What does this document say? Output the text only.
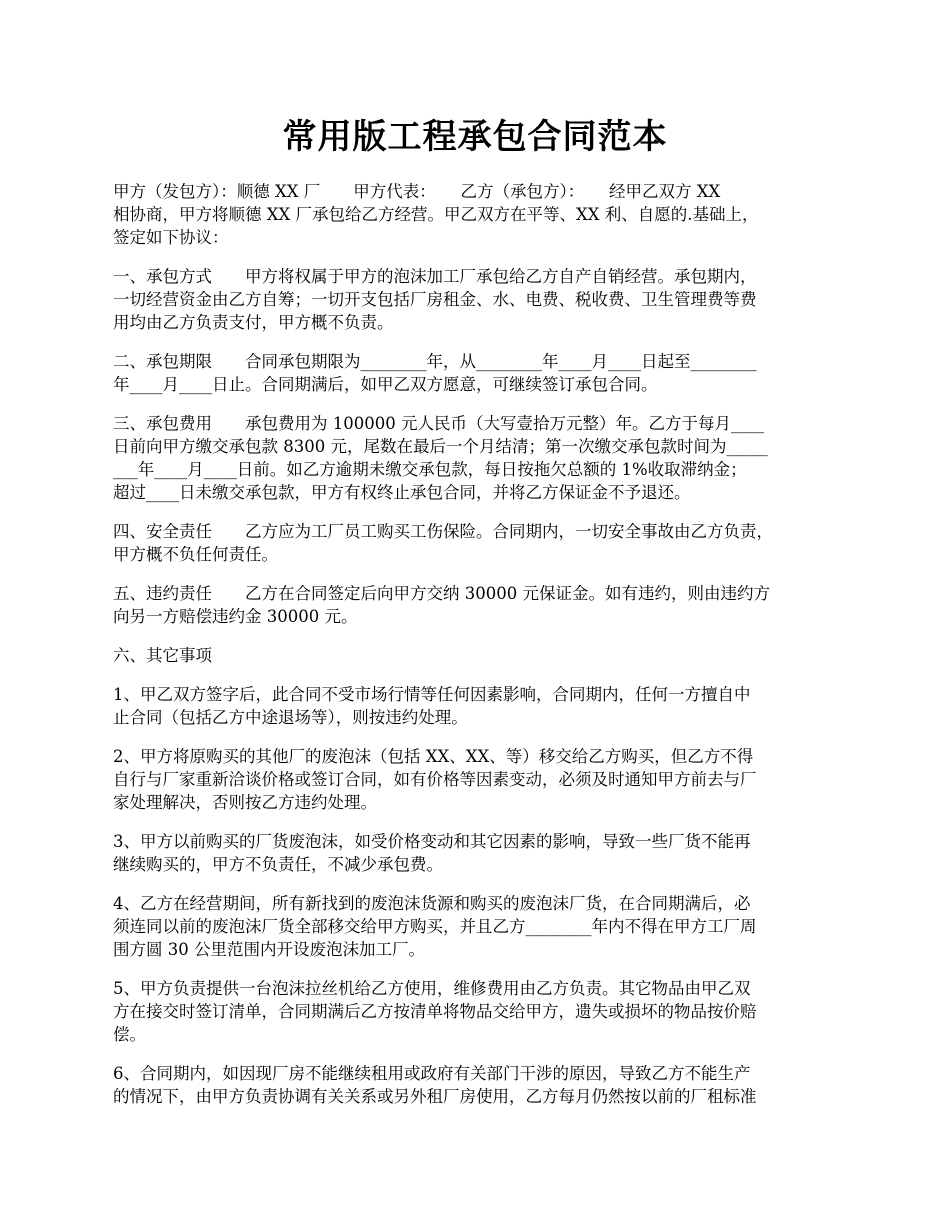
常用版工程承包合同范本
甲方（发包方）：顺德 XX 厂　　甲方代表：　　乙方（承包方）：　　经甲乙双方 XX
相协商，甲方将顺德 XX 厂承包给乙方经营。甲乙双方在平等、XX 利、自愿的.基础上，
签定如下协议：
一、承包方式　　甲方将权属于甲方的泡沫加工厂承包给乙方自产自销经营。承包期内，
一切经营资金由乙方自筹；一切开支包括厂房租金、水、电费、税收费、卫生管理费等费
用均由乙方负责支付，甲方概不负责。
二、承包期限　　合同承包期限为________年，从________年____月____日起至________
年____月____日止。合同期满后，如甲乙双方愿意，可继续签订承包合同。
三、承包费用　　承包费用为 100000 元人民币（大写壹拾万元整）年。乙方于每月____
日前向甲方缴交承包款 8300 元，尾数在最后一个月结清；第一次缴交承包款时间为_____
___年____月____日前。如乙方逾期未缴交承包款，每日按拖欠总额的 1%收取滞纳金；
超过____日未缴交承包款，甲方有权终止承包合同，并将乙方保证金不予退还。
四、安全责任　　乙方应为工厂员工购买工伤保险。合同期内，一切安全事故由乙方负责，
甲方概不负任何责任。
五、违约责任　　乙方在合同签定后向甲方交纳 30000 元保证金。如有违约，则由违约方
向另一方赔偿违约金 30000 元。
六、其它事项
1、甲乙双方签字后，此合同不受市场行情等任何因素影响，合同期内，任何一方擅自中
止合同（包括乙方中途退场等），则按违约处理。
2、甲方将原购买的其他厂的废泡沫（包括 XX、XX、等）移交给乙方购买，但乙方不得
自行与厂家重新洽谈价格或签订合同，如有价格等因素变动，必须及时通知甲方前去与厂
家处理解决，否则按乙方违约处理。
3、甲方以前购买的厂货废泡沫，如受价格变动和其它因素的影响，导致一些厂货不能再
继续购买的，甲方不负责任，不减少承包费。
4、乙方在经营期间，所有新找到的废泡沫货源和购买的废泡沫厂货，在合同期满后，必
须连同以前的废泡沫厂货全部移交给甲方购买，并且乙方________年内不得在甲方工厂周
围方圆 30 公里范围内开设废泡沫加工厂。
5、甲方负责提供一台泡沫拉丝机给乙方使用，维修费用由乙方负责。其它物品由甲乙双
方在接交时签订清单，合同期满后乙方按清单将物品交给甲方，遗失或损坏的物品按价赔
偿。
6、合同期内，如因现厂房不能继续租用或政府有关部门干涉的原因，导致乙方不能生产
的情况下，由甲方负责协调有关关系或另外租厂房使用，乙方每月仍然按以前的厂租标准
